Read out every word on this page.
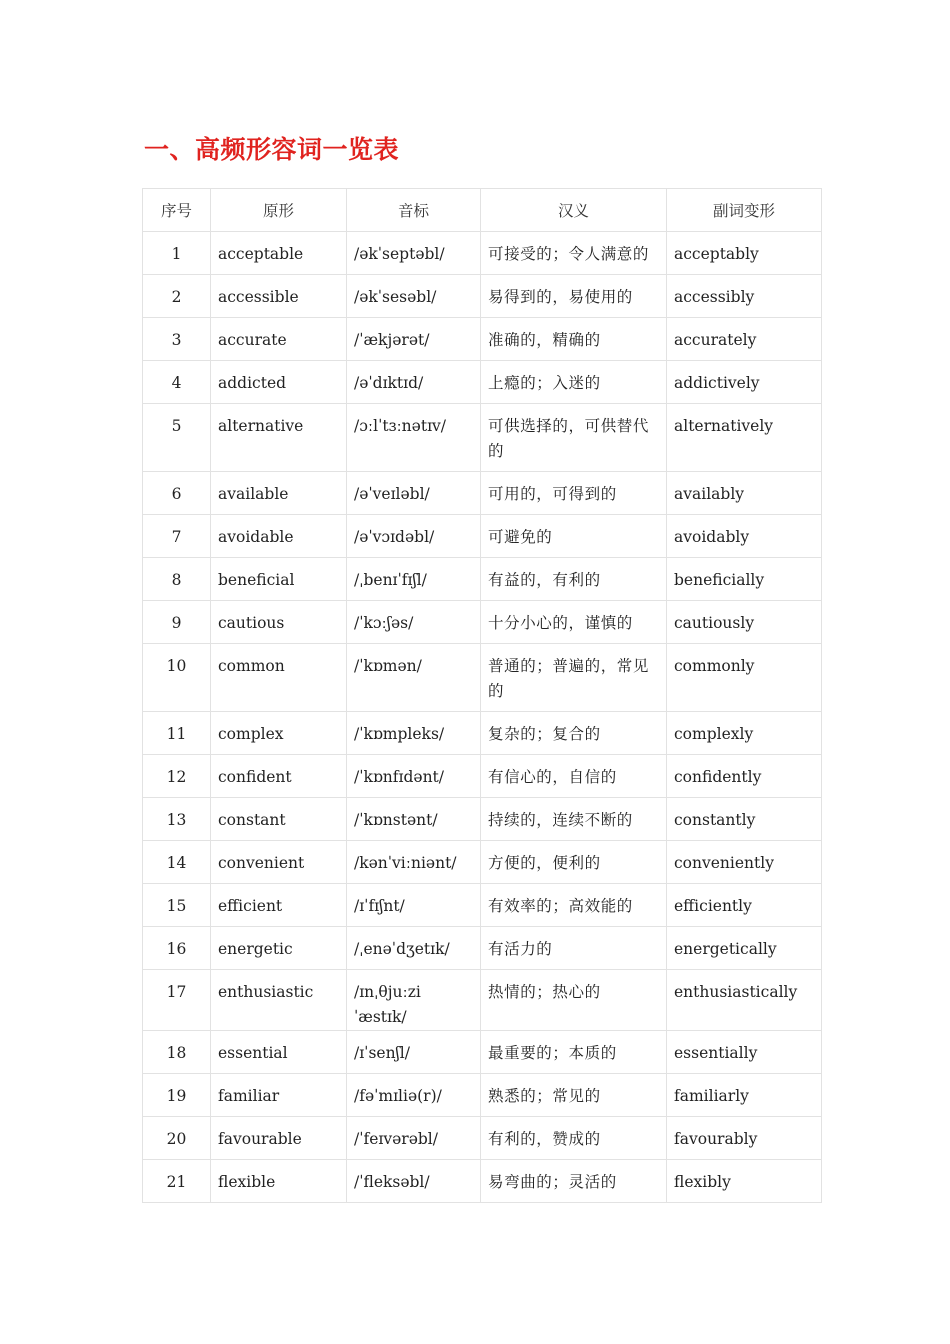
一、高频形容词一览表
序号	原形	音标	汉义	副词变形
1	acceptable	/əkˈseptəbl/	可接受的；令人满意的	acceptably
2	accessible	/əkˈsesəbl/	易得到的，易使用的	accessibly
3	accurate	/ˈækjərət/	准确的，精确的	accurately
4	addicted	/əˈdɪktɪd/	上瘾的；入迷的	addictively
5	alternative	/ɔːlˈtɜːnətɪv/	可供选择的，可供替代的	alternatively
6	available	/əˈveɪləbl/	可用的，可得到的	availably
7	avoidable	/əˈvɔɪdəbl/	可避免的	avoidably
8	beneficial	/ˌbenɪˈfɪʃl/	有益的，有利的	beneficially
9	cautious	/ˈkɔːʃəs/	十分小心的，谨慎的	cautiously
10	common	/ˈkɒmən/	普通的；普遍的，常见的	commonly
11	complex	/ˈkɒmpleks/	复杂的；复合的	complexly
12	confident	/ˈkɒnfɪdənt/	有信心的，自信的	confidently
13	constant	/ˈkɒnstənt/	持续的，连续不断的	constantly
14	convenient	/kənˈviːniənt/	方便的，便利的	conveniently
15	efficient	/ɪˈfɪʃnt/	有效率的；高效能的	efficiently
16	energetic	/ˌenəˈdʒetɪk/	有活力的	energetically
17	enthusiastic	/ɪnˌθjuːziˈæstɪk/	热情的；热心的	enthusiastically
18	essential	/ɪˈsenʃl/	最重要的；本质的	essentially
19	familiar	/fəˈmɪliə(r)/	熟悉的；常见的	familiarly
20	favourable	/ˈfeɪvərəbl/	有利的，赞成的	favourably
21	flexible	/ˈfleksəbl/	易弯曲的；灵活的	flexibly
